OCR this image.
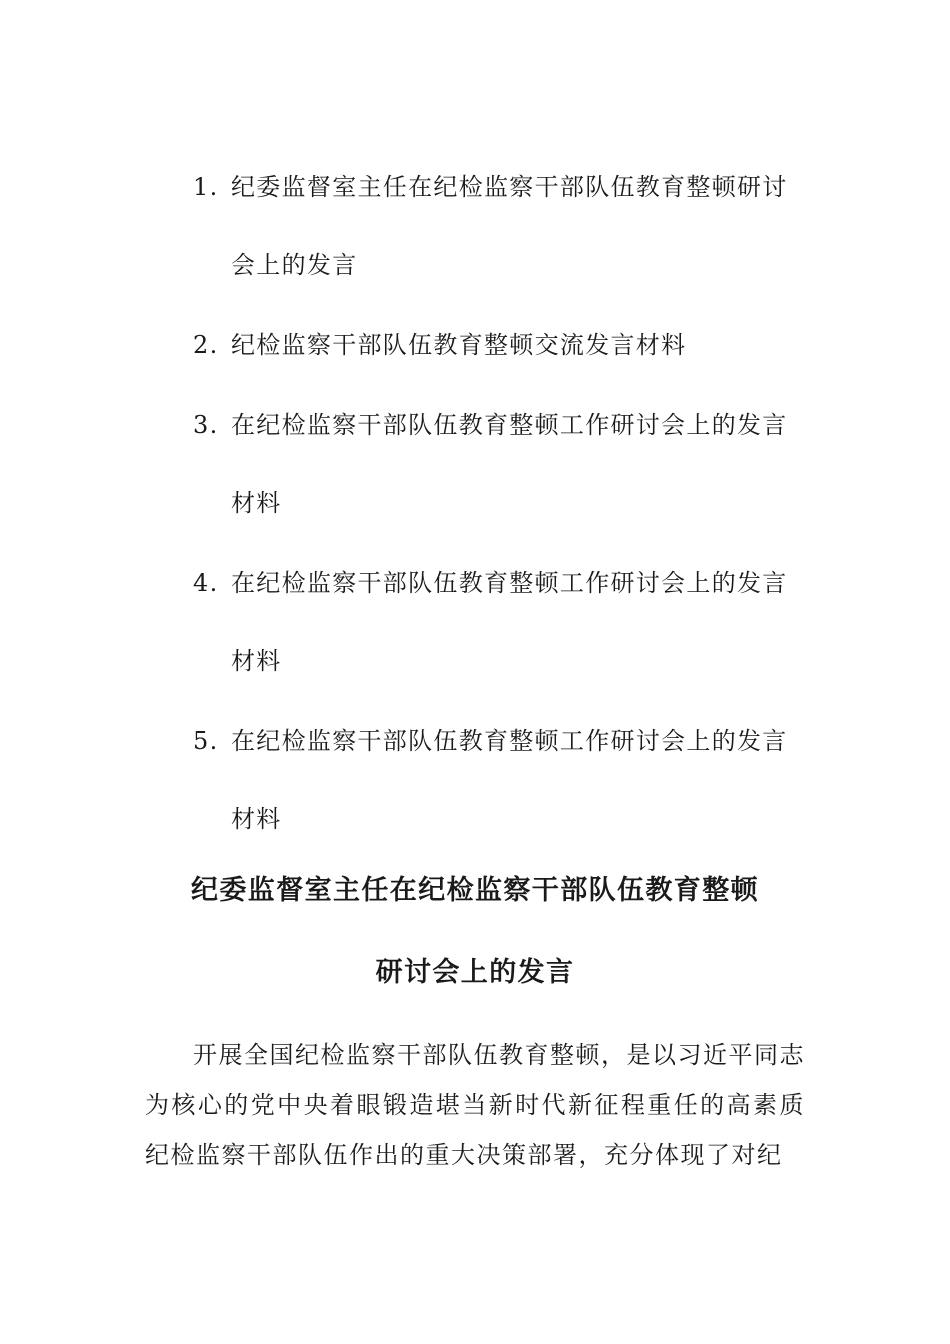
1. 纪委监督室主任在纪检监察干部队伍教育整顿研讨会上的发言
2. 纪检监察干部队伍教育整顿交流发言材料
3. 在纪检监察干部队伍教育整顿工作研讨会上的发言材料
4. 在纪检监察干部队伍教育整顿工作研讨会上的发言材料
5. 在纪检监察干部队伍教育整顿工作研讨会上的发言材料
纪委监督室主任在纪检监察干部队伍教育整顿
研讨会上的发言

开展全国纪检监察干部队伍教育整顿，是以习近平同志为核心的党中央着眼锻造堪当新时代新征程重任的高素质纪检监察干部队伍作出的重大决策部署，充分体现了对纪
